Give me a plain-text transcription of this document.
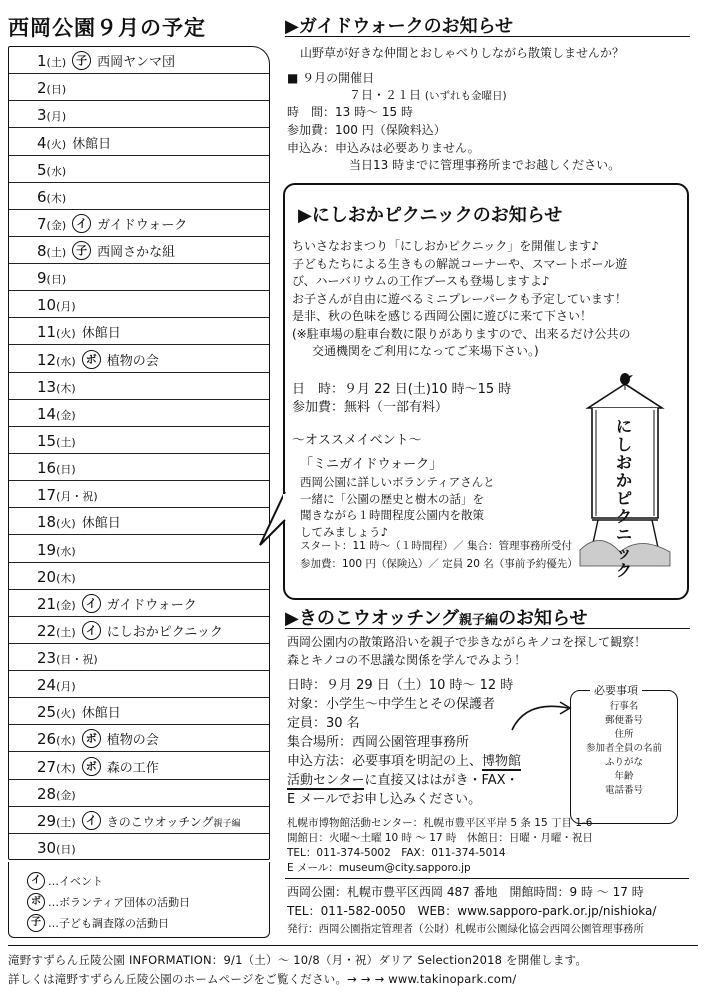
西岡公園９月の予定
1 (土) 子 西岡ヤンマ団
2 (日)
3 (月)
4 (火) 休館日
5 (水)
6 (木)
7 (金) イ ガイドウォーク
8 (土) 子 西岡さかな組
9 (日)
10 (月)
11 (火) 休館日
12 (水) ボ 植物の会
13 (木)
14 (金)
15 (土)
16 (日)
17 (月・祝)
18 (火) 休館日
19 (水)
20 (木)
21 (金) イ ガイドウォーク
22 (土) イ にしおかピクニック
23 (日・祝)
24 (月)
25 (火) 休館日
26 (水) ボ 植物の会
27 (木) ボ 森の工作
28 (金)
29 (土) イ きのこウオッチング親子編
30 (日)
イ …イベント
ボ …ボランティア団体の活動日
子 …子ども調査隊の活動日
▶ガイドウォークのお知らせ
山野草が好きな仲間とおしゃべりしながら散策しませんか？
■ ９月の開催日
７日・２１日 (いずれも金曜日)
時　間：13 時～ 15 時
参加費：100 円（保険料込）
申込み：申込みは必要ありません。
当日13 時までに管理事務所までお越しください。
▶にしおかピクニックのお知らせ
ちいさなおまつり「にしおかピクニック」を開催します♪
子どもたちによる生きもの解説コーナーや、スマートボール遊
び、ハーバリウムの工作ブースも登場しますよ♪
お子さんが自由に遊べるミニプレーパークも予定しています！
是非、秋の色味を感じる西岡公園に遊びに来て下さい！
(※駐車場の駐車台数に限りがありますので、出来るだけ公共の
交通機関をご利用になってご来場下さい。)
日　時：９月 22 日(土)10 時～15 時
参加費：無料（一部有料）
～オススメイベント～
「ミニガイドウォーク」
西岡公園に詳しいボランティアさんと
一緒に「公園の歴史と樹木の話」を
聞きながら１時間程度公園内を散策
してみましょう♪
スタート：11 時～（１時間程）／ 集合：管理事務所受付
参加費：100 円（保険込）／ 定員 20 名（事前予約優先）
にしおかピクニック
▶きのこウオッチング親子編のお知らせ
西岡公園内の散策路沿いを親子で歩きながらキノコを探して観察！
森とキノコの不思議な関係を学んでみよう！
日時：９月 29 日（土）10 時～ 12 時
対象：小学生～中学生とその保護者
定員：30 名
集合場所：西岡公園管理事務所
申込方法：必要事項を明記の上、博物館
活動センターに直接又ははがき・FAX・
E メールでお申し込みください。
必要事項
行事名
郵便番号
住所
参加者全員の名前
ふりがな
年齢
電話番号
札幌市博物館活動センター：札幌市豊平区平岸 5 条 15 丁目 1-6
開館日：火曜～土曜 10 時 ～ 17 時　休館日：日曜・月曜・祝日
TEL：011-374-5002　FAX：011-374-5014
E メール：museum@city.sapporo.jp
西岡公園：札幌市豊平区西岡 487 番地　開館時間：9 時 ～ 17 時
TEL：011-582-0050　WEB：www.sapporo-park.or.jp/nishioka/
発行：西岡公園指定管理者（公財）札幌市公園緑化協会西岡公園管理事務所
滝野すずらん丘陵公園 INFORMATION：9/1（土）～ 10/8（月・祝）ダリア Selection2018 を開催します。
詳しくは滝野すずらん丘陵公園のホームページをご覧ください。→ → → www.takinopark.com/
